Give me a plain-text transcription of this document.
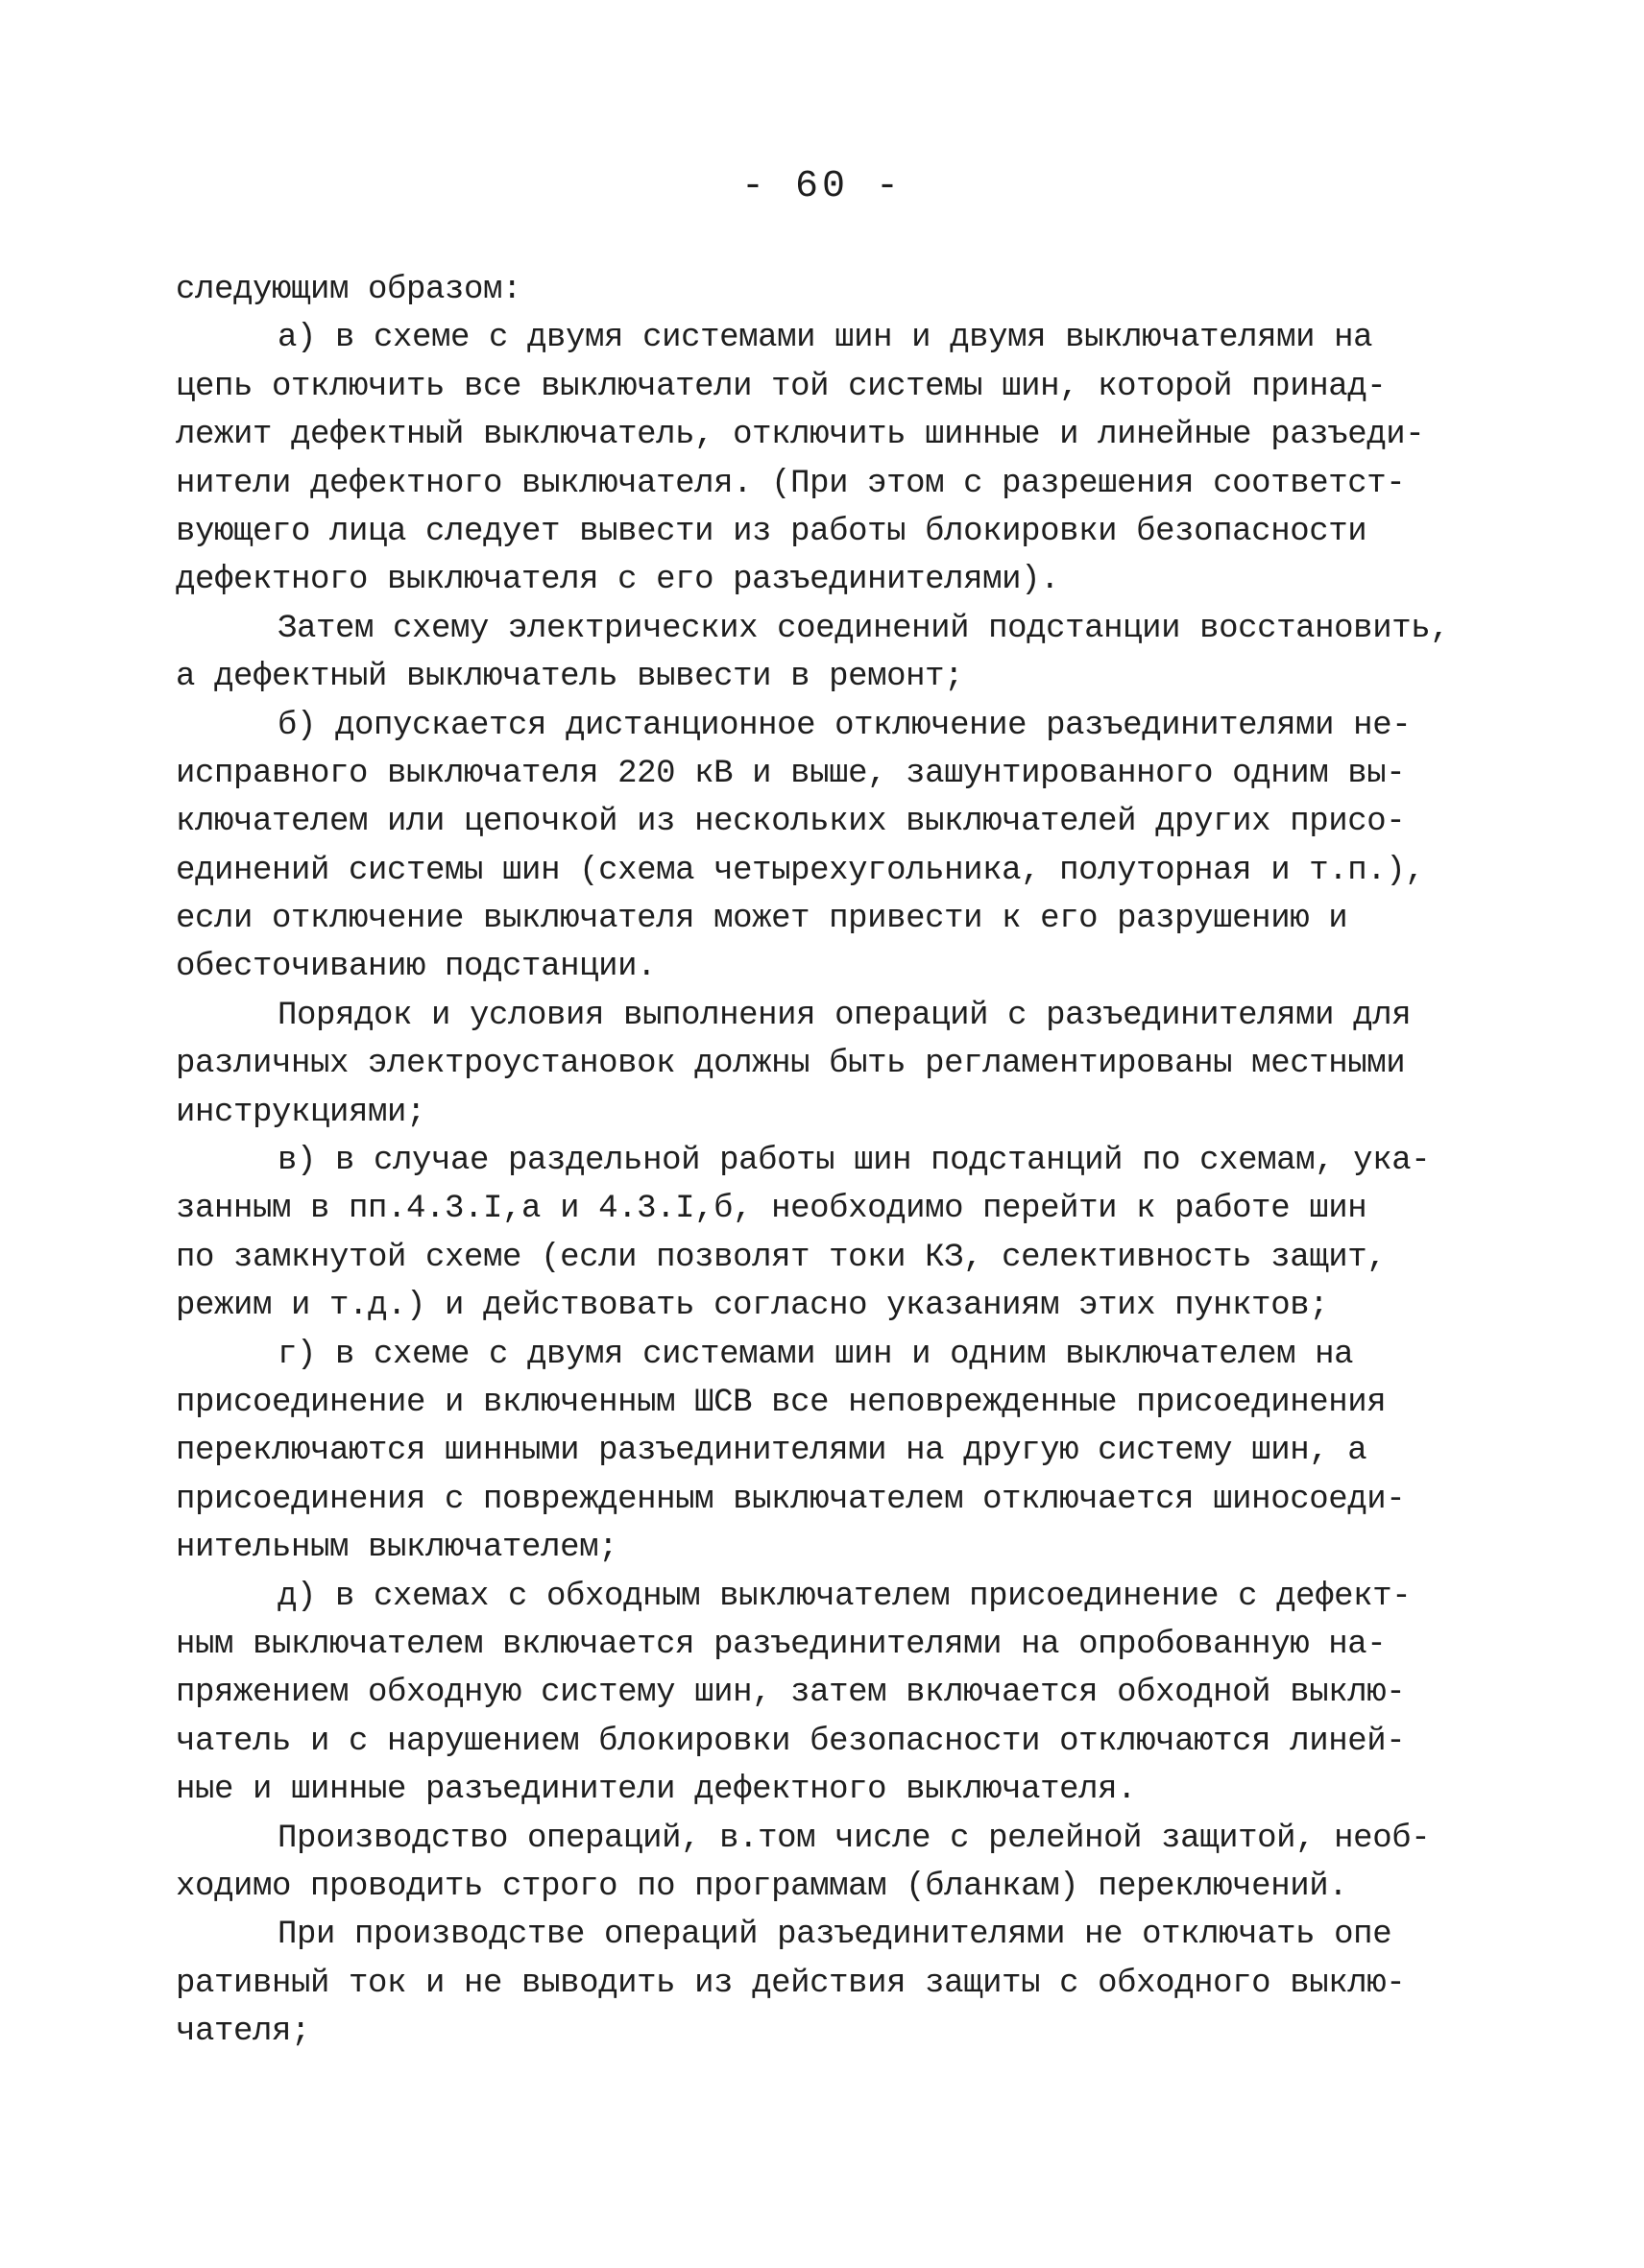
- 60 -
следующим образом:
а) в схеме с двумя системами шин и двумя выключателями на
цепь отключить все выключатели той системы шин, которой принад-
лежит дефектный выключатель, отключить шинные и линейные разъеди-
нители дефектного выключателя. (При этом с разрешения соответст-
вующего лица следует вывести из работы блокировки безопасности
дефектного выключателя с его разъединителями).
Затем схему электрических соединений подстанции восстановить,
а дефектный выключатель вывести в ремонт;
б) допускается дистанционное отключение разъединителями не-
исправного выключателя 220 кВ и выше, зашунтированного одним вы-
ключателем или цепочкой из нескольких выключателей других присо-
единений системы шин (схема четырехугольника, полуторная и т.п.),
если отключение выключателя может привести к его разрушению и
обесточиванию подстанции.
Порядок и условия выполнения операций с разъединителями для
различных электроустановок должны быть регламентированы местными
инструкциями;
в) в случае раздельной работы шин подстанций по схемам, ука-
занным в пп.4.3.I,а и 4.3.I,б, необходимо перейти к работе шин
по замкнутой схеме (если позволят токи КЗ, селективность защит,
режим и т.д.) и действовать согласно указаниям этих пунктов;
г) в схеме с двумя системами шин и одним выключателем на
присоединение и включенным ШСВ все неповрежденные присоединения
переключаются шинными разъединителями на другую систему шин, а
присоединения с поврежденным выключателем отключается шиносоеди-
нительным выключателем;
д) в схемах с обходным выключателем присоединение с дефект-
ным выключателем включается разъединителями на опробованную на-
пряжением обходную систему шин, затем включается обходной выклю-
чатель и с нарушением блокировки безопасности отключаются линей-
ные и шинные разъединители дефектного выключателя.
Производство операций, в.том числе с релейной защитой, необ-
ходимо проводить строго по программам (бланкам) переключений.
При производстве операций разъединителями не отключать опе
ративный ток и не выводить из действия защиты с обходного выклю-
чателя;
